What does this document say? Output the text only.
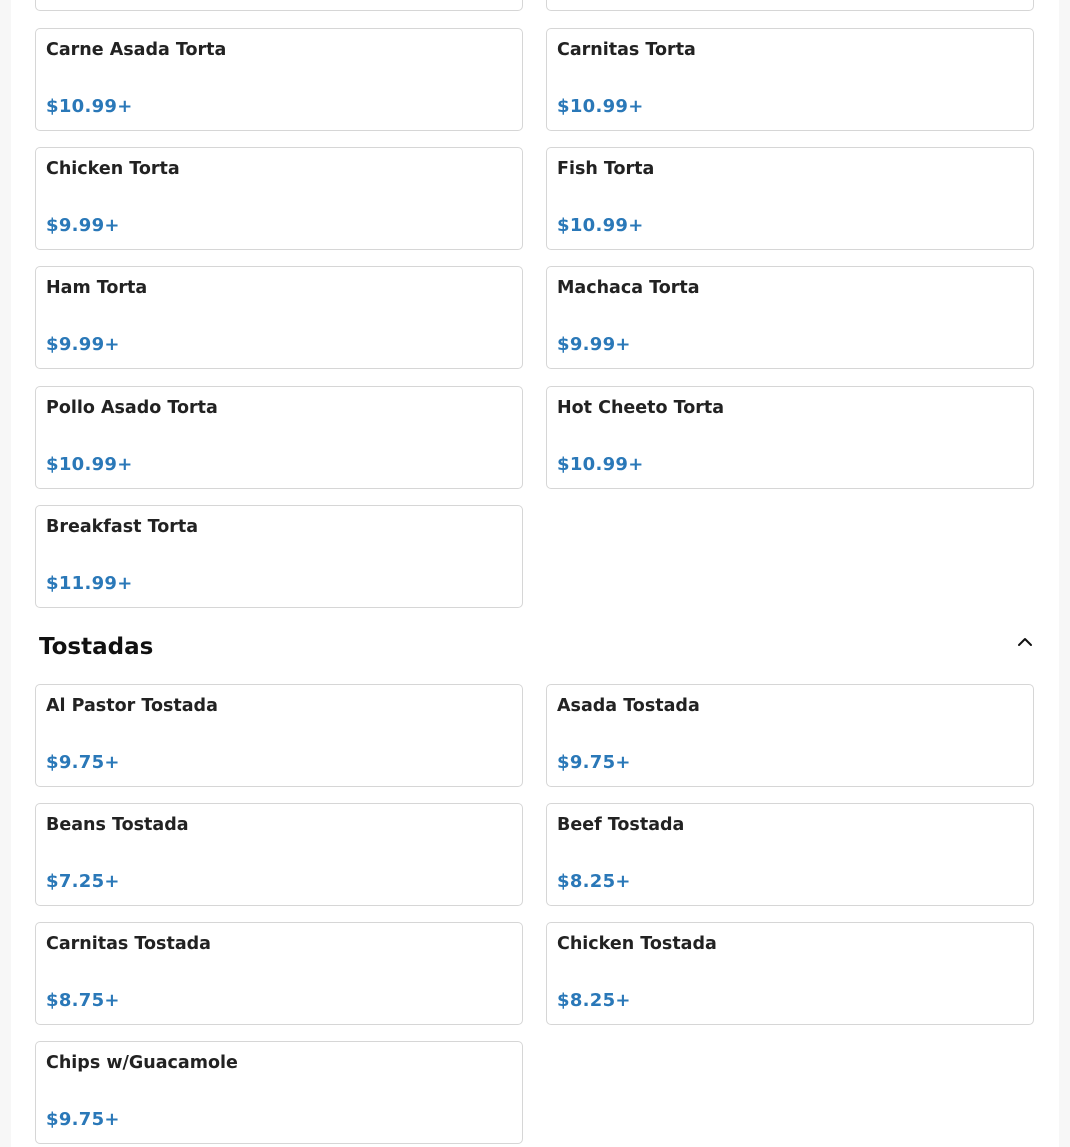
Carne Asada Torta
$10.99+
Carnitas Torta
$10.99+
Chicken Torta
$9.99+
Fish Torta
$10.99+
Ham Torta
$9.99+
Machaca Torta
$9.99+
Pollo Asado Torta
$10.99+
Hot Cheeto Torta
$10.99+
Breakfast Torta
$11.99+
Tostadas
Al Pastor Tostada
$9.75+
Asada Tostada
$9.75+
Beans Tostada
$7.25+
Beef Tostada
$8.25+
Carnitas Tostada
$8.75+
Chicken Tostada
$8.25+
Chips w/Guacamole
$9.75+
